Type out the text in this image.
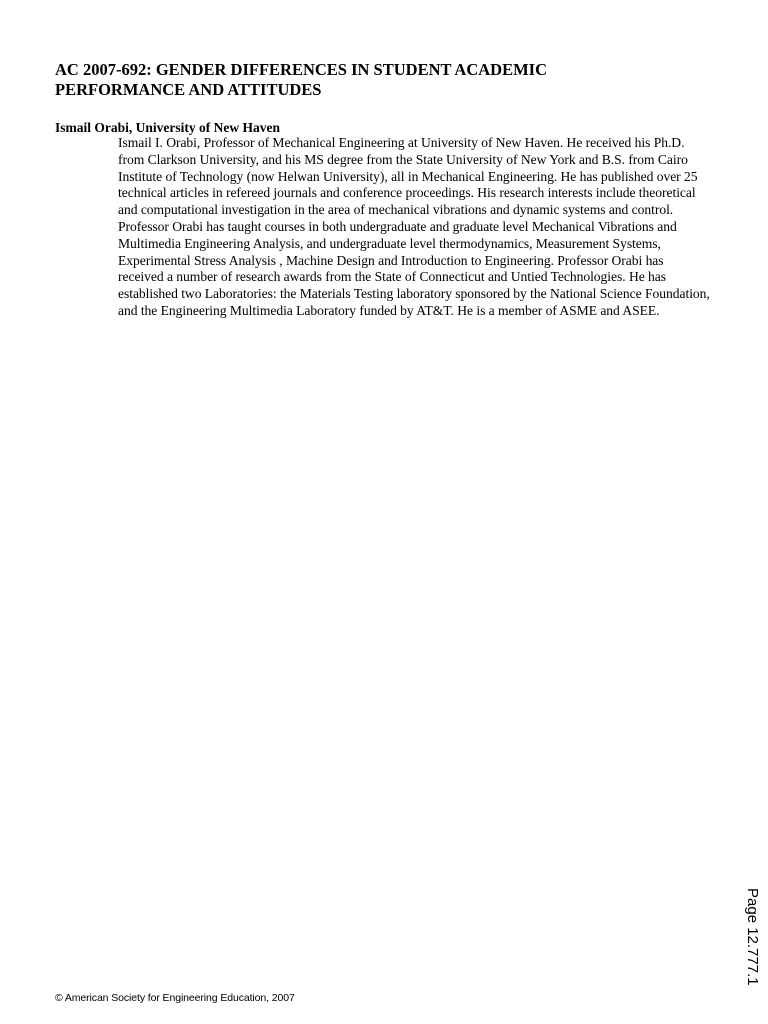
AC 2007-692: GENDER DIFFERENCES IN STUDENT ACADEMIC
PERFORMANCE AND ATTITUDES

Ismail Orabi, University of New Haven

Ismail I. Orabi, Professor of Mechanical Engineering at University of New Haven. He received his Ph.D. from Clarkson University, and his MS degree from the State University of New York and B.S. from Cairo Institute of Technology (now Helwan University), all in Mechanical Engineering. He has published over 25 technical articles in refereed journals and conference proceedings. His research interests include theoretical and computational investigation in the area of mechanical vibrations and dynamic systems and control. Professor Orabi has taught courses in both undergraduate and graduate level Mechanical Vibrations and Multimedia Engineering Analysis, and undergraduate level thermodynamics, Measurement Systems, Experimental Stress Analysis , Machine Design and Introduction to Engineering. Professor Orabi has received a number of research awards from the State of Connecticut and Untied Technologies. He has established two Laboratories: the Materials Testing laboratory sponsored by the National Science Foundation, and the Engineering Multimedia Laboratory funded by AT&T. He is a member of ASME and ASEE.

Page 12.777.1

© American Society for Engineering Education, 2007
